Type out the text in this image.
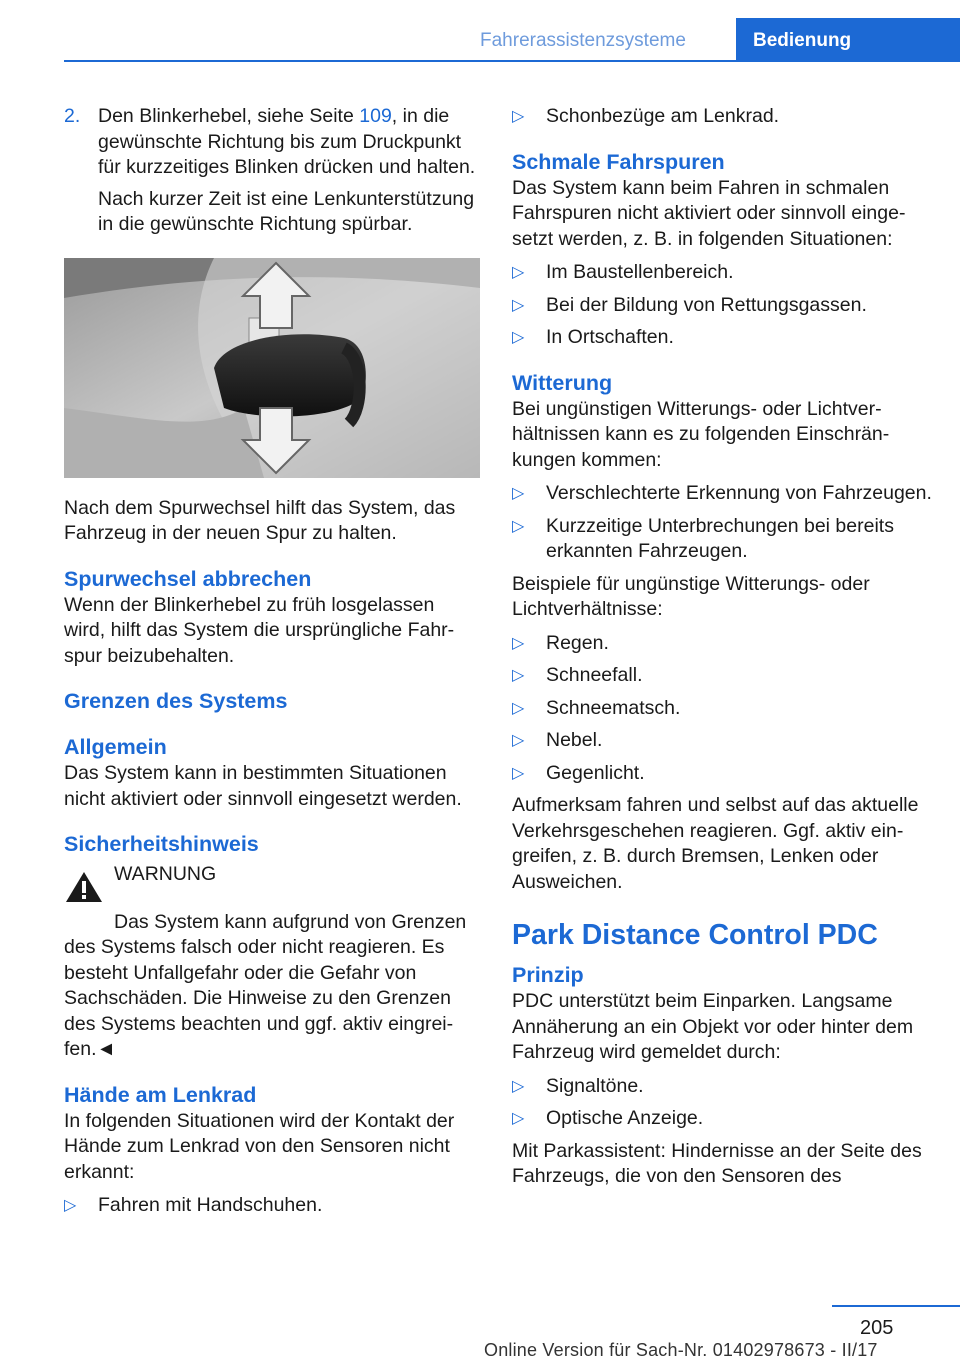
Fahrerassistenzsysteme	Bedienung
2. Den Blinkerhebel, siehe Seite 109, in die gewünschte Richtung bis zum Druckpunkt für kurzzeitiges Blinken drücken und halten.

Nach kurzer Zeit ist eine Lenkunterstützung in die gewünschte Richtung spürbar.

Nach dem Spurwechsel hilft das System, das Fahrzeug in der neuen Spur zu halten.

Spurwechsel abbrechen

Wenn der Blinkerhebel zu früh losgelassen wird, hilft das System die ursprüngliche Fahrspur beizubehalten.

Grenzen des Systems
Allgemein

Das System kann in bestimmten Situationen nicht aktiviert oder sinnvoll eingesetzt werden.

Sicherheitshinweis

WARNUNG

Das System kann aufgrund von Grenzen des Systems falsch oder nicht reagieren. Es besteht Unfallgefahr oder die Gefahr von Sachschäden. Die Hinweise zu den Grenzen des Systems beachten und ggf. aktiv eingreifen.◄

Hände am Lenkrad

In folgenden Situationen wird der Kontakt der Hände zum Lenkrad von den Sensoren nicht erkannt:

▷	Fahren mit Handschuhen.
▷	Schonbezüge am Lenkrad.
Schmale Fahrspuren

Das System kann beim Fahren in schmalen Fahrspuren nicht aktiviert oder sinnvoll eingesetzt werden, z. B. in folgenden Situationen:

▷	Im Baustellenbereich.
▷	Bei der Bildung von Rettungsgassen.
▷	In Ortschaften.
Witterung

Bei ungünstigen Witterungs- oder Lichtverhältnissen kann es zu folgenden Einschränkungen kommen:

▷	Verschlechterte Erkennung von Fahrzeugen.
▷	Kurzzeitige Unterbrechungen bei bereits erkannten Fahrzeugen.

Beispiele für ungünstige Witterungs- oder Lichtverhältnisse:

▷	Regen.
▷	Schneefall.
▷	Schneematsch.
▷	Nebel.
▷	Gegenlicht.

Aufmerksam fahren und selbst auf das aktuelle Verkehrsgeschehen reagieren. Ggf. aktiv eingreifen, z. B. durch Bremsen, Lenken oder Ausweichen.

Park Distance Control PDC
Prinzip

PDC unterstützt beim Einparken. Langsame Annäherung an ein Objekt vor oder hinter dem Fahrzeug wird gemeldet durch:

▷	Signaltöne.
▷	Optische Anzeige.

Mit Parkassistent: Hindernisse an der Seite des Fahrzeugs, die von den Sensoren des

205
Online Version für Sach-Nr. 01402978673 - II/17
